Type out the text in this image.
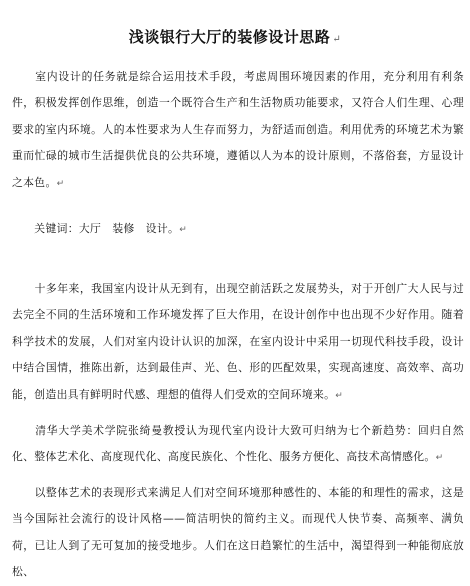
浅谈银行大厅的装修设计思路 ↵

　　室内设计的任务就是综合运用技术手段，考虑周围环境因素的作用，充分利用有利条件，积极发挥创作思维，创造一个既符合生产和生活物质功能要求，又符合人们生理、心理要求的室内环境。人的本性要求为人生存而努力，为舒适而创造。利用优秀的环境艺术为繁重而忙碌的城市生活提供优良的公共环境，遵循以人为本的设计原则，不落俗套，方显设计之本色。↵

　　关键词：大厅　装修　设计。↵

　　十多年来，我国室内设计从无到有，出现空前活跃之发展势头，对于开创广大人民与过去完全不同的生活环境和工作环境发挥了巨大作用，在设计创作中也出现不少好作用。随着科学技术的发展，人们对室内设计认识的加深，在室内设计中采用一切现代科技手段，设计中结合国情，推陈出新，达到最佳声、光、色、形的匹配效果，实现高速度、高效率、高功能，创造出具有鲜明时代感、理想的值得人们受欢的空间环境来。↵

　　清华大学美术学院张绮曼教授认为现代室内设计大致可归纳为七个新趋势：回归自然化、整体艺术化、高度现代化、高度民族化、个性化、服务方便化、高技术高情感化。↵

　　以整体艺术的表现形式来满足人们对空间环境那种感性的、本能的和理性的需求，这是当今国际社会流行的设计风格——简洁明快的简约主义。而现代人快节奏、高频率、满负荷，已让人到了无可复加的接受地步。人们在这日趋繁忙的生活中，渴望得到一种能彻底放松、
